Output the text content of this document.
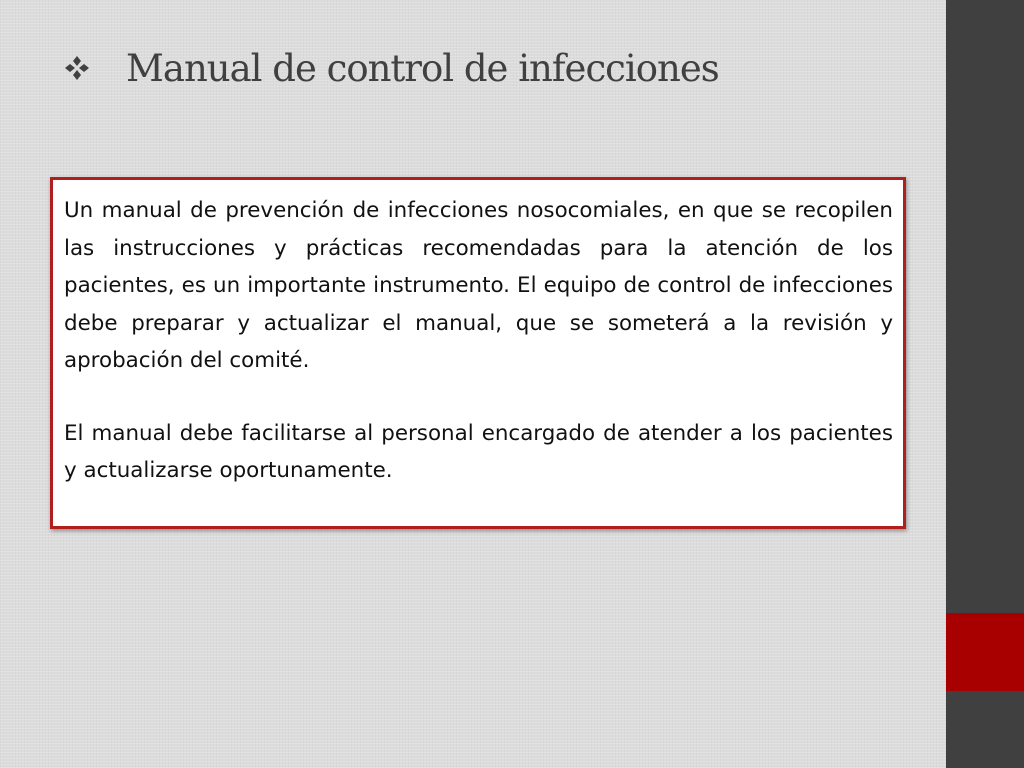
Manual de control de infecciones

Un manual de prevención de infecciones nosocomiales, en que se recopilen las instrucciones y prácticas recomendadas para la atención de los pacientes, es un importante instrumento. El equipo de control de infecciones debe preparar y actualizar el manual, que se someterá a la revisión y aprobación del comité.

El manual debe facilitarse al personal encargado de atender a los pacientes y actualizarse oportunamente.
